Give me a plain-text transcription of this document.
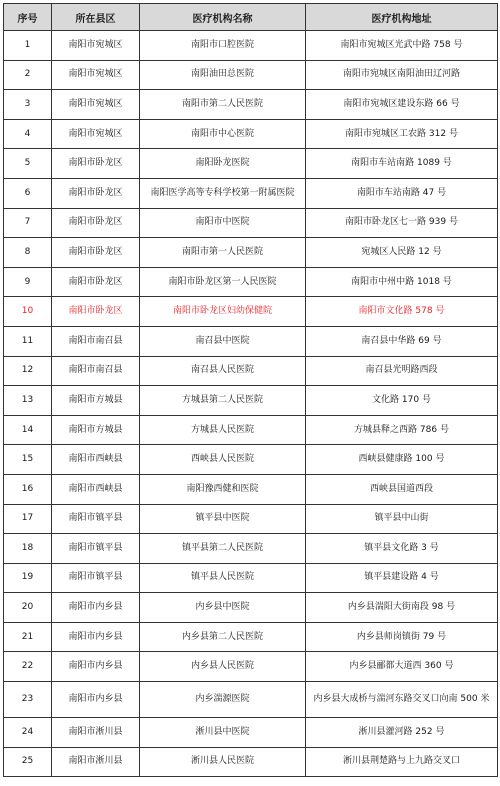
序号	所在县区	医疗机构名称	医疗机构地址
1	南阳市宛城区	南阳市口腔医院	南阳市宛城区光武中路 758 号
2	南阳市宛城区	南阳油田总医院	南阳市宛城区南阳油田辽河路
3	南阳市宛城区	南阳市第二人民医院	南阳市宛城区建设东路 66 号
4	南阳市宛城区	南阳市中心医院	南阳市宛城区工农路 312 号
5	南阳市卧龙区	南阳卧龙医院	南阳市车站南路 1089 号
6	南阳市卧龙区	南阳医学高等专科学校第一附属医院	南阳市车站南路 47 号
7	南阳市卧龙区	南阳市中医院	南阳市卧龙区七一路 939 号
8	南阳市卧龙区	南阳市第一人民医院	宛城区人民路 12 号
9	南阳市卧龙区	南阳市卧龙区第一人民医院	南阳市中州中路 1018 号
10	南阳市卧龙区	南阳市卧龙区妇幼保健院	南阳市文化路 578 号
11	南阳市南召县	南召县中医院	南召县中华路 69 号
12	南阳市南召县	南召县人民医院	南召县光明路西段
13	南阳市方城县	方城县第二人民医院	文化路 170 号
14	南阳市方城县	方城县人民医院	方城县释之西路 786 号
15	南阳市西峡县	西峡县人民医院	西峡县健康路 100 号
16	南阳市西峡县	南阳豫西健和医院	西峡县国道西段
17	南阳市镇平县	镇平县中医院	镇平县中山街
18	南阳市镇平县	镇平县第二人民医院	镇平县文化路 3 号
19	南阳市镇平县	镇平县人民医院	镇平县建设路 4 号
20	南阳市内乡县	内乡县中医院	内乡县湍阳大街南段 98 号
21	南阳市内乡县	内乡县第二人民医院	内乡县师岗镇街 79 号
22	南阳市内乡县	内乡县人民医院	内乡县郦都大道西 360 号
23	南阳市内乡县	内乡湍源医院	内乡县大成桥与湍河东路交叉口向南 500 米
24	南阳市淅川县	淅川县中医院	淅川县灌河路 252 号
25	南阳市淅川县	淅川县人民医院	淅川县荆楚路与上九路交叉口
